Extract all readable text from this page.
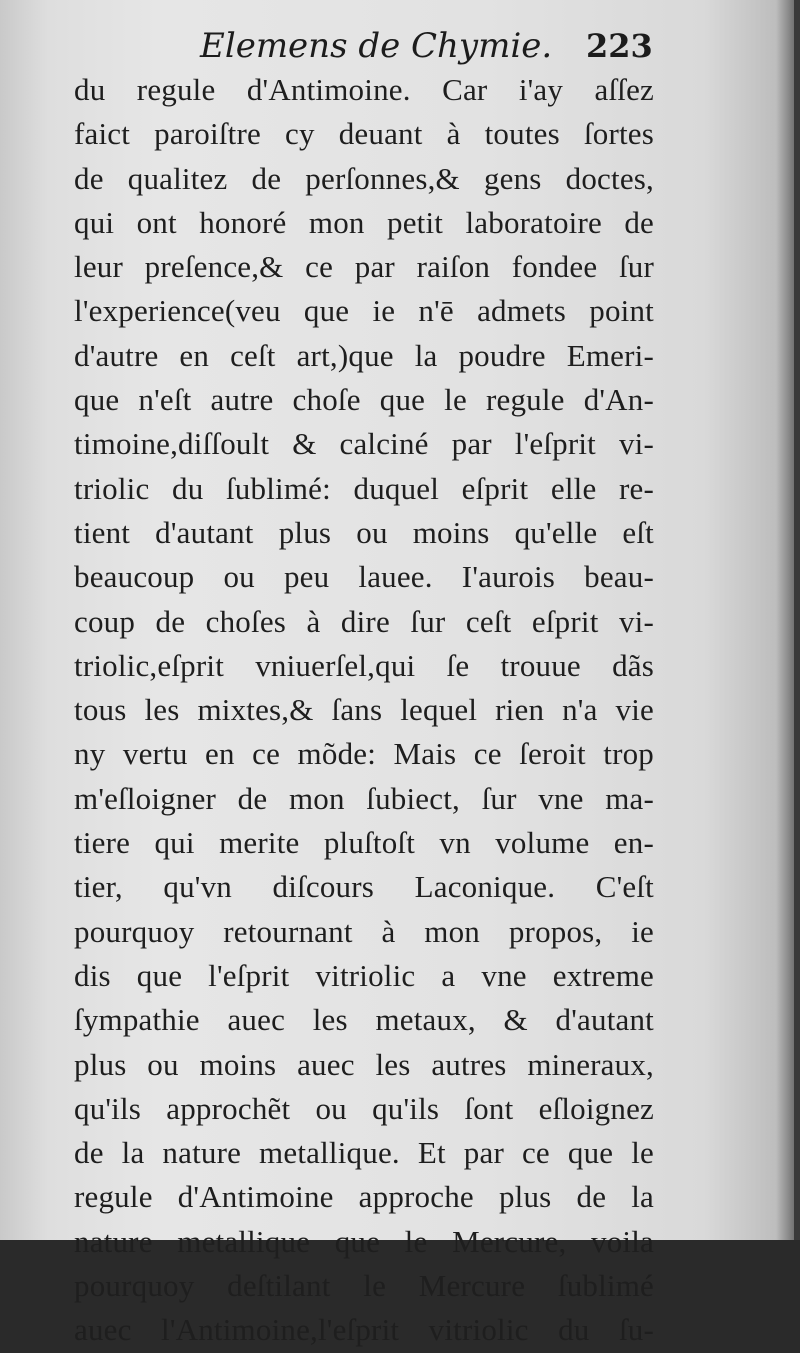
Elemens de Chymie. 223
du regule d'Antimoine. Car i'ay aſſez
faict paroiſtre cy deuant à toutes ſortes
de qualitez de perſonnes,& gens doctes,
qui ont honoré mon petit laboratoire de
leur preſence,& ce par raiſon fondee ſur
l'experience(veu que ie n'ē admets point
d'autre en ceſt art,)que la poudre Emeri-
que n'eſt autre choſe que le regule d'An-
timoine,diſſoult & calciné par l'eſprit vi-
triolic du ſublimé: duquel eſprit elle re-
tient d'autant plus ou moins qu'elle eſt
beaucoup ou peu lauee. I'aurois beau-
coup de choſes à dire ſur ceſt eſprit vi-
triolic,eſprit vniuerſel,qui ſe trouue dãs
tous les mixtes,& ſans lequel rien n'a vie
ny vertu en ce mõde: Mais ce ſeroit trop
m'eſloigner de mon ſubiect, ſur vne ma-
tiere qui merite pluſtoſt vn volume en-
tier, qu'vn diſcours Laconique. C'eſt
pourquoy retournant à mon propos, ie
dis que l'eſprit vitriolic a vne extreme
ſympathie auec les metaux, & d'autant
plus ou moins auec les autres mineraux,
qu'ils approchẽt ou qu'ils ſont eſloignez
de la nature metallique. Et par ce que le
regule d'Antimoine approche plus de la
nature metallique que le Mercure, voila
pourquoy deſtilant le Mercure ſublimé
auec l'Antimoine,l'eſprit vitriolic du ſu-
